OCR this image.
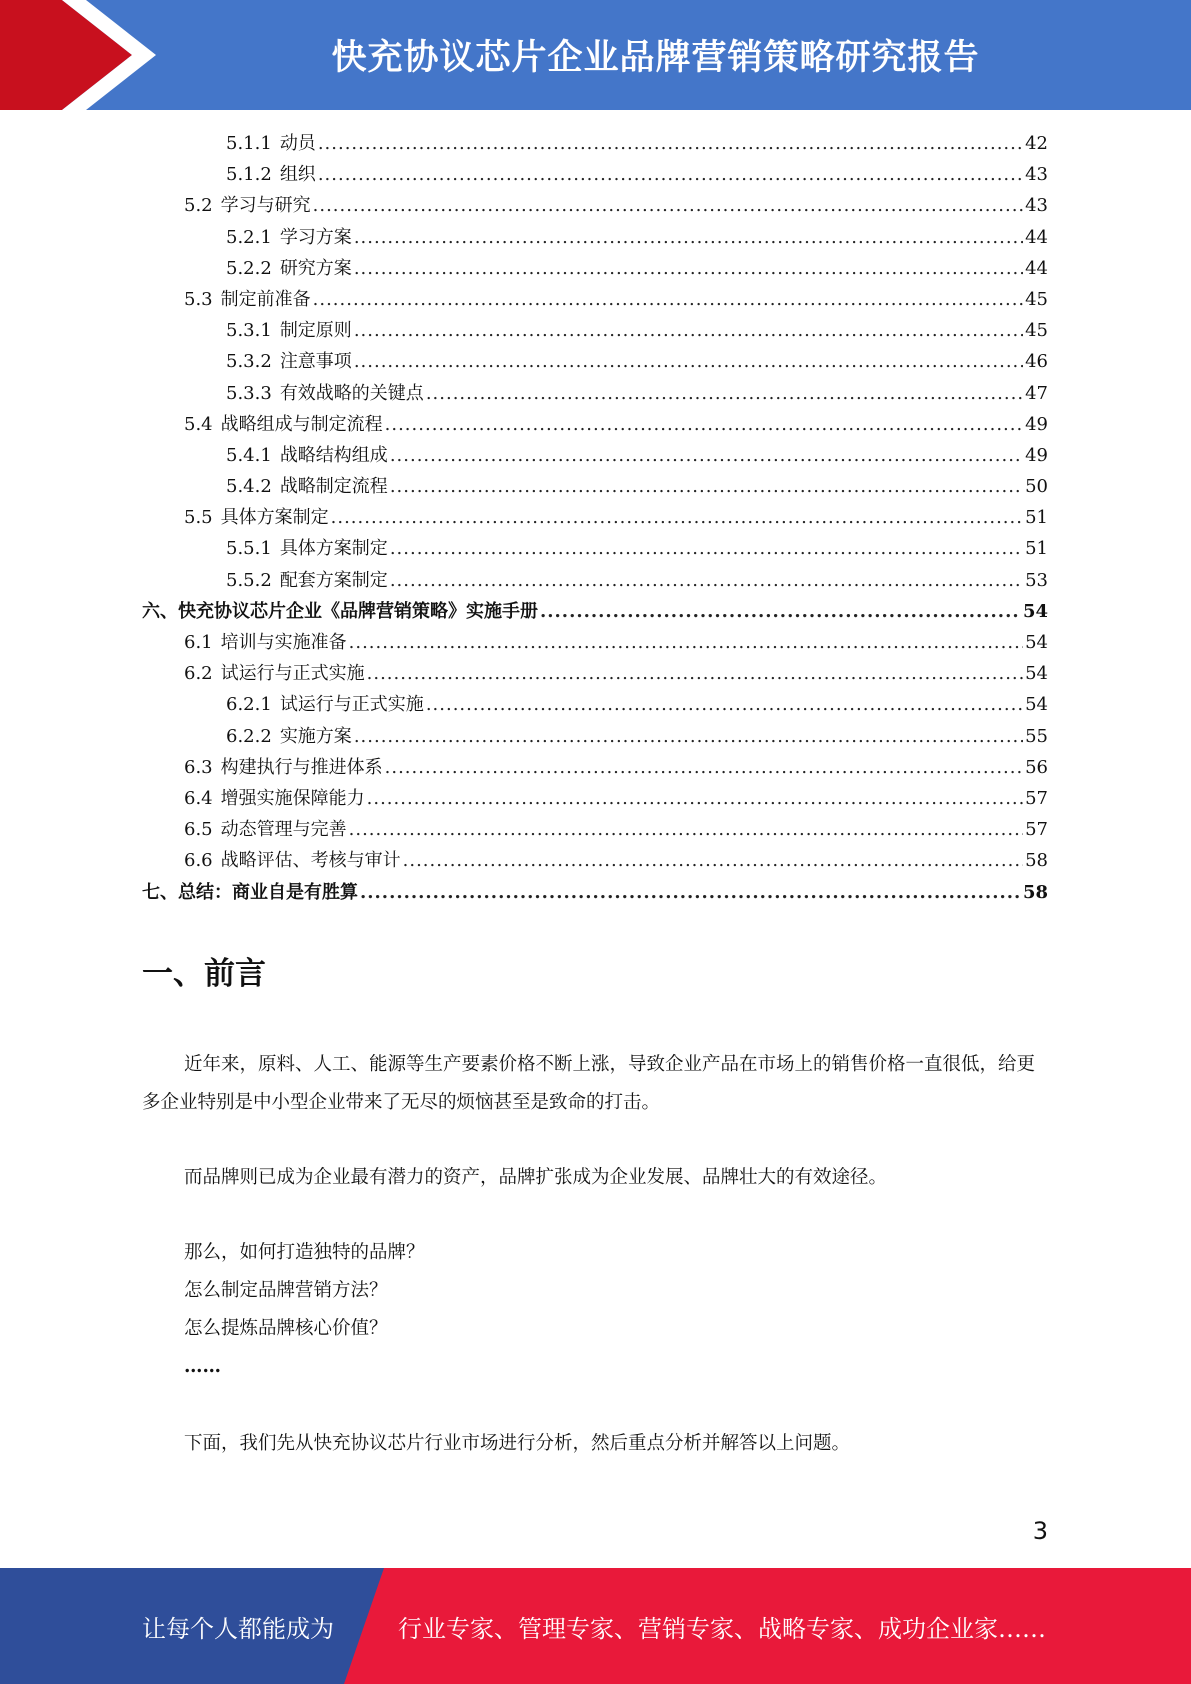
快充协议芯片企业品牌营销策略研究报告
5.1.1 动员 .....	42
5.1.2 组织 .....	43
5.2 学习与研究 .....	43
5.2.1 学习方案 .....	44
5.2.2 研究方案 .....	44
5.3 制定前准备 .....	45
5.3.1 制定原则 .....	45
5.3.2 注意事项 .....	46
5.3.3 有效战略的关键点 .....	47
5.4 战略组成与制定流程 .....	49
5.4.1 战略结构组成 .....	49
5.4.2 战略制定流程 .....	50
5.5 具体方案制定 .....	51
5.5.1 具体方案制定 .....	51
5.5.2 配套方案制定 .....	53
六、 快充协议芯片企业《品牌营销策略》实施手册 .....	54
6.1 培训与实施准备 .....	54
6.2 试运行与正式实施 .....	54
6.2.1 试运行与正式实施 .....	54
6.2.2 实施方案 .....	55
6.3 构建执行与推进体系 .....	56
6.4 增强实施保障能力 .....	57
6.5 动态管理与完善 .....	57
6.6 战略评估、考核与审计 .....	58
七、 总结：商业自是有胜算 .....	58
一、前言

近年来，原料、人工、能源等生产要素价格不断上涨，导致企业产品在市场上的销售价格一直很低，给更多企业特别是中小型企业带来了无尽的烦恼甚至是致命的打击。

而品牌则已成为企业最有潜力的资产，品牌扩张成为企业发展、品牌壮大的有效途径。

那么，如何打造独特的品牌？

怎么制定品牌营销方法？

怎么提炼品牌核心价值？

……

下面，我们先从快充协议芯片行业市场进行分析，然后重点分析并解答以上问题。

3
让每个人都能成为	行业专家、管理专家、营销专家、战略专家、成功企业家……
